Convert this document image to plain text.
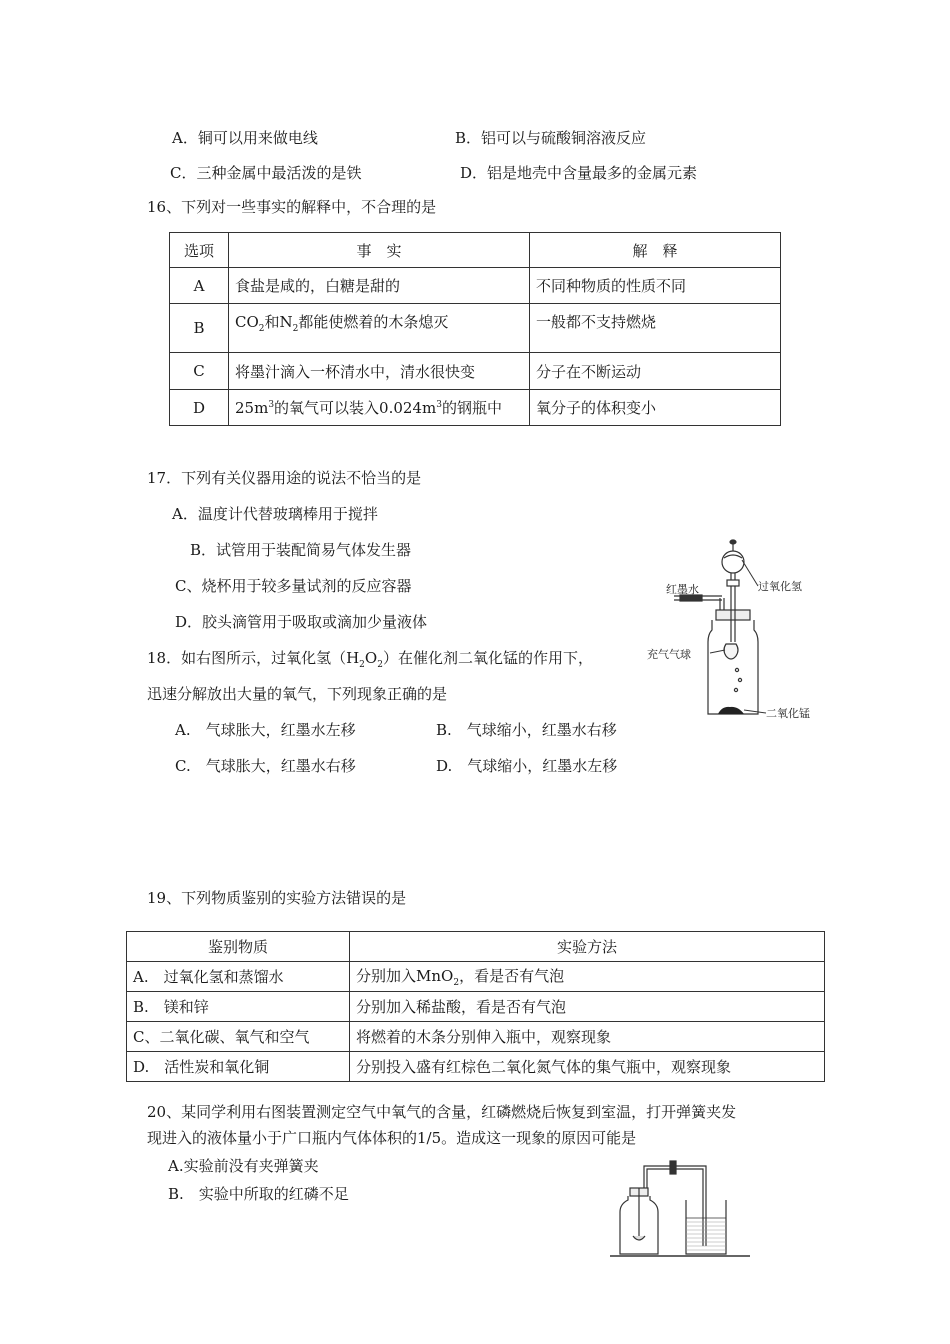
A．铜可以用来做电线	B．铝可以与硫酸铜溶液反应
C．三种金属中最活泼的是铁	D．铝是地壳中含量最多的金属元素
16、下列对一些事实的解释中，不合理的是
选项	事　实	解　释
A	食盐是咸的，白糖是甜的	不同种物质的性质不同
B	$CO_2$和$N_2$都能使燃着的木条熄灭	一般都不支持燃烧
C	将墨汁滴入一杯清水中，清水很快变	分子在不断运动
D	$25m^3$的氧气可以装入$0.024m^3$的钢瓶中	氧分子的体积变小
17．下列有关仪器用途的说法不恰当的是
A．温度计代替玻璃棒用于搅拌
B．试管用于装配简易气体发生器
C、烧杯用于较多量试剂的反应容器
D．胶头滴管用于吸取或滴加少量液体
18．如右图所示，过氧化氢$(H_2O_2)$在催化剂二氧化锰的作用下，
迅速分解放出大量的氧气，下列现象正确的是
A.　气球胀大，红墨水左移	B.　气球缩小，红墨水右移
C.　气球胀大，红墨水右移	D.　气球缩小，红墨水左移
红墨水	过氧化氢
充气气球
二氧化锰
19、下列物质鉴别的实验方法错误的是
鉴别物质	实验方法
A.　过氧化氢和蒸馏水	分别加入MnO$_2$，看是否有气泡
B.　镁和锌	分别加入稀盐酸，看是否有气泡
C、二氧化碳、氧气和空气	将燃着的木条分别伸入瓶中，观察现象
D.　活性炭和氧化铜	分别投入盛有红棕色二氧化氮气体的集气瓶中，观察现象
20、某同学利用右图装置测定空气中氧气的含量，红磷燃烧后恢复到室温，打开弹簧夹发
现进入的液体量小于广口瓶内气体体积的1/5。造成这一现象的原因可能是
A.实验前没有夹弹簧夹
B.　实验中所取的红磷不足
